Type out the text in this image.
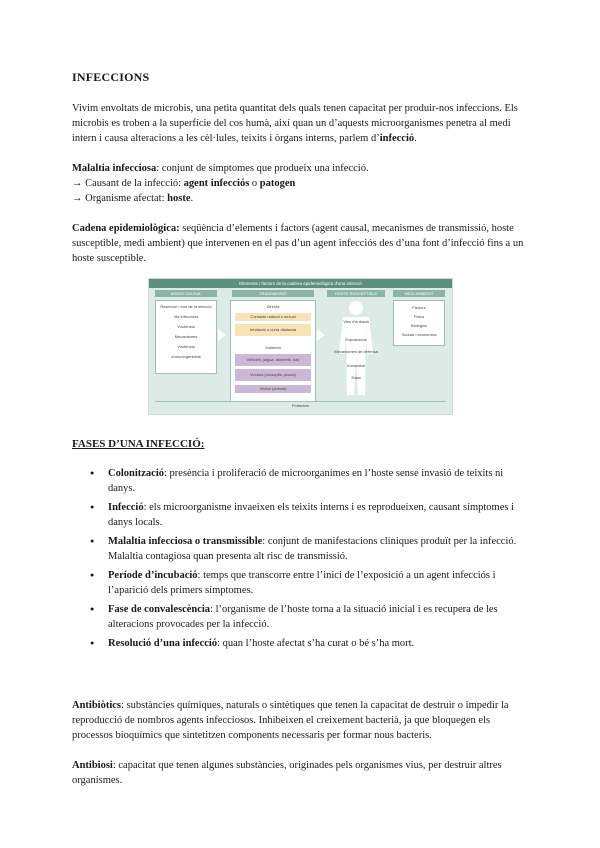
INFECCIONS

Vivim envoltats de microbis, una petita quantitat dels quals tenen capacitat per produir-nos infeccions. Els microbis es troben a la superfície del cos humà, així quan un d’aquests microorganismes penetra al medi intern i causa alteracions a les cèl·lules, teixits i òrgans interns, parlem d’infecció.

Malaltia infecciosa: conjunt de símptomes que produeix una infecció.

→ Causant de la infecció: agent infecciós o patogen

→ Organisme afectat: hoste.

Cadena epidemiològica: seqüència d’elements i factors (agent causal, mecanismes de transmissió, hoste susceptible, medi ambient) que intervenen en el pas d’un agent infecciós des d’una font d’infecció fins a un hoste susceptible.

Elements i factors de la cadena epidemiològica d'una infecció
AGENT CAUSAL	TRANSMISSIÓ	HOSTE SUSCEPTIBLE	MEDI AMBIENT
Reservori i font de la infecció
Via infecciosa
Virulència
Mecanismes
Virulència
Immunogenicitat
Directa
Contacte natural o sexual
Inhalació a curta distància
Indirecta
Vehicles (aigua, aliments, sòl)
Vectors (mosquits, puces)
Vector (animal)
Vies d'entrada
Exposicions
Mecanismes de defensa
Immunitat
Estat
Factors
Físics
Biològics
Socials i econòmics
Portadors
FASES D’UNA INFECCIÓ:
● Colonització: presència i proliferació de microorganimes en l’hoste sense invasió de teixits ni danys.
● Infecció: els microorganisme invaeixen els teixits interns i es reprodueixen, causant símptomes i danys locals.
● Malaltia infecciosa o transmissible: conjunt de manifestacions clíniques produït per la infecció. Malaltia contagiosa quan presenta alt risc de transmissió.
● Període d’incubació: temps que transcorre entre l’inici de l’exposició a un agent infecciós i l’aparició dels primers símptomes.
● Fase de convalescència: l’organisme de l’hoste torna a la situació inicial i es recupera de les alteracions provocades per la infecció.
● Resolució d’una infecció: quan l’hoste afectat s’ha curat o bé s’ha mort.

Antibiòtics: substàncies químiques, naturals o sintètiques que tenen la capacitat de destruir o impedir la reproducció de nombros agents infecciosos. Inhibeixen el creixement bacterià, ja que bloquegen els processos bioquímics que sintetitzen components necessaris per formar nous bacteris.

Antibiosi: capacitat que tenen algunes substàncies, originades pels organismes vius, per destruir altres organismes.
